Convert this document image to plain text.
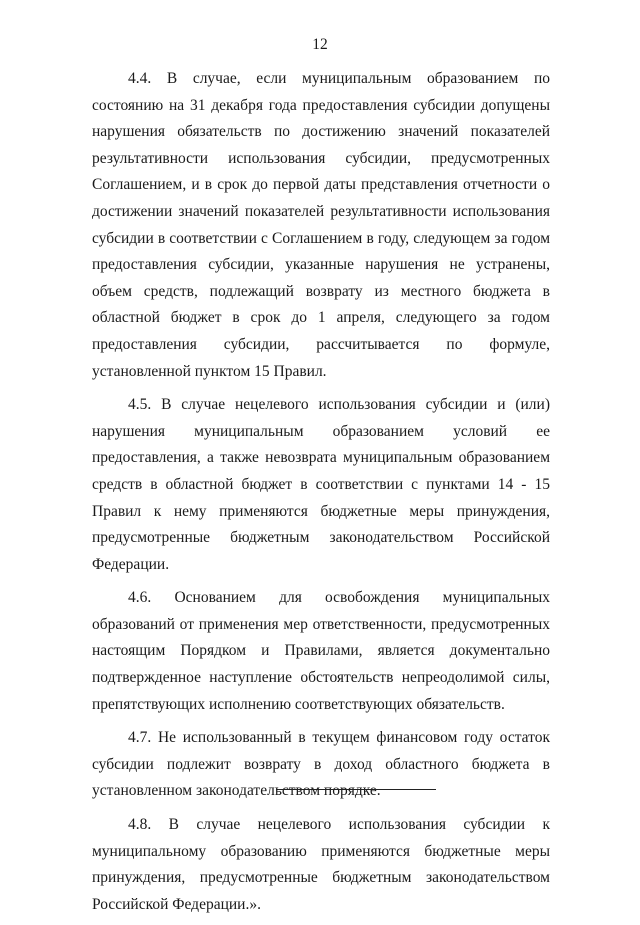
12

4.4. В случае, если муниципальным образованием по состоянию на 31 декабря года предоставления субсидии допущены нарушения обязательств по достижению значений показателей результативности использования субсидии, предусмотренных Соглашением, и в срок до первой даты представления отчетности о достижении значений показателей результативности использования субсидии в соответствии с Соглашением в году, следующем за годом предоставления субсидии, указанные нарушения не устранены, объем средств, подлежащий возврату из местного бюджета в областной бюджет в срок до 1 апреля, следующего за годом предоставления субсидии, рассчитывается по формуле, установленной пунктом 15 Правил.

4.5. В случае нецелевого использования субсидии и (или) нарушения муниципальным образованием условий ее предоставления, а также невозврата муниципальным образованием средств в областной бюджет в соответствии с пунктами 14 - 15 Правил к нему применяются бюджетные меры принуждения, предусмотренные бюджетным законодательством Российской Федерации.

4.6. Основанием для освобождения муниципальных образований от применения мер ответственности, предусмотренных настоящим Порядком и Правилами, является документально подтвержденное наступление обстоятельств непреодолимой силы, препятствующих исполнению соответствующих обязательств.

4.7. Не использованный в текущем финансовом году остаток субсидии подлежит возврату в доход областного бюджета в установленном законодательством порядке.

4.8. В случае нецелевого использования субсидии к муниципальному образованию применяются бюджетные меры принуждения, предусмотренные бюджетным законодательством Российской Федерации.».
